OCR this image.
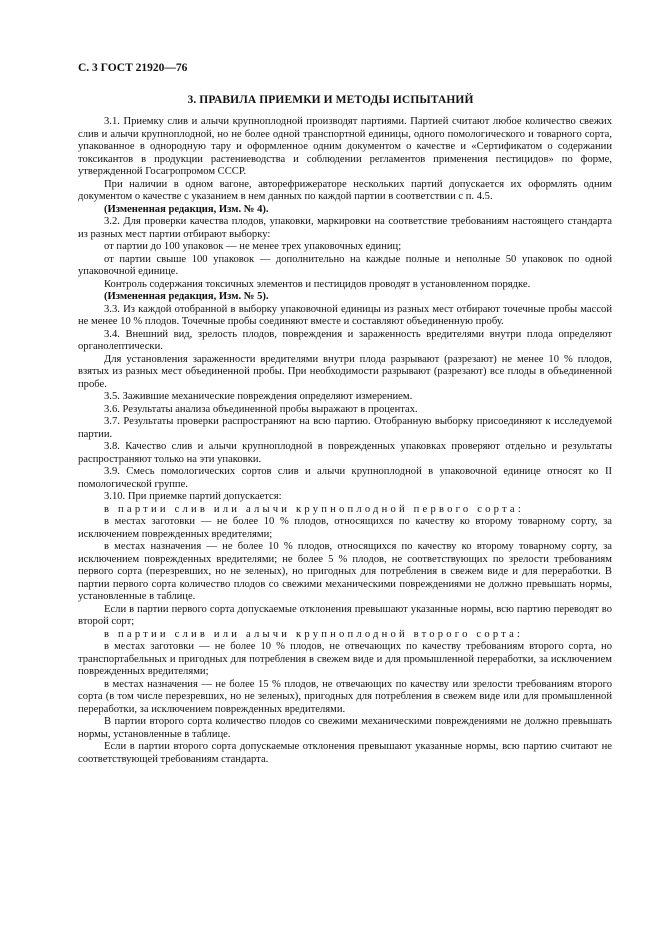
С. 3 ГОСТ 21920—76
3. ПРАВИЛА ПРИЕМКИ И МЕТОДЫ ИСПЫТАНИЙ

3.1. Приемку слив и алычи крупноплодной производят партиями. Партией считают любое количество свежих слив и алычи крупноплодной, но не более одной транспортной единицы, одного помологического и товарного сорта, упакованное в однородную тару и оформленное одним документом о качестве и «Сертификатом о содержании токсикантов в продукции растениеводства и соблюдении регламентов применения пестицидов» по форме, утвержденной Госагропромом СССР.

При наличии в одном вагоне, авторефрижераторе нескольких партий допускается их оформлять одним документом о качестве с указанием в нем данных по каждой партии в соответствии с п. 4.5.

(Измененная редакция, Изм. № 4).

3.2. Для проверки качества плодов, упаковки, маркировки на соответствие требованиям настоящего стандарта из разных мест партии отбирают выборку:

от партии до 100 упаковок — не менее трех упаковочных единиц;

от партии свыше 100 упаковок — дополнительно на каждые полные и неполные 50 упаковок по одной упаковочной единице.

Контроль содержания токсичных элементов и пестицидов проводят в установленном порядке.

(Измененная редакция, Изм. № 5).

3.3. Из каждой отобранной в выборку упаковочной единицы из разных мест отбирают точечные пробы массой не менее 10 % плодов. Точечные пробы соединяют вместе и составляют объединенную пробу.

3.4. Внешний вид, зрелость плодов, повреждения и зараженность вредителями внутри плода определяют органолептически.

Для установления зараженности вредителями внутри плода разрывают (разрезают) не менее 10 % плодов, взятых из разных мест объединенной пробы. При необходимости разрывают (разрезают) все плоды в объединенной пробе.

3.5. Зажившие механические повреждения определяют измерением.

3.6. Результаты анализа объединенной пробы выражают в процентах.

3.7. Результаты проверки распространяют на всю партию. Отобранную выборку присоединяют к исследуемой партии.

3.8. Качество слив и алычи крупноплодной в поврежденных упаковках проверяют отдельно и результаты распространяют только на эти упаковки.

3.9. Смесь помологических сортов слив и алычи крупноплодной в упаковочной единице относят ко II помологической группе.

3.10. При приемке партий допускается:

в партии слив или алычи крупноплодной первого сорта:

в местах заготовки — не более 10 % плодов, относящихся по качеству ко второму товарному сорту, за исключением поврежденных вредителями;

в местах назначения — не более 10 % плодов, относящихся по качеству ко второму товарному сорту, за исключением поврежденных вредителями; не более 5 % плодов, не соответствующих по зрелости требованиям первого сорта (перезревших, но не зеленых), но пригодных для потребления в свежем виде и для переработки. В партии первого сорта количество плодов со свежими механическими повреждениями не должно превышать нормы, установленные в таблице.

Если в партии первого сорта допускаемые отклонения превышают указанные нормы, всю партию переводят во второй сорт;

в партии слив или алычи крупноплодной второго сорта:

в местах заготовки — не более 10 % плодов, не отвечающих по качеству требованиям второго сорта, но транспортабельных и пригодных для потребления в свежем виде и для промышленной переработки, за исключением поврежденных вредителями;

в местах назначения — не более 15 % плодов, не отвечающих по качеству или зрелости требованиям второго сорта (в том числе перезревших, но не зеленых), пригодных для потребления в свежем виде или для промышленной переработки, за исключением поврежденных вредителями.

В партии второго сорта количество плодов со свежими механическими повреждениями не должно превышать нормы, установленные в таблице.

Если в партии второго сорта допускаемые отклонения превышают указанные нормы, всю партию считают не соответствующей требованиям стандарта.
